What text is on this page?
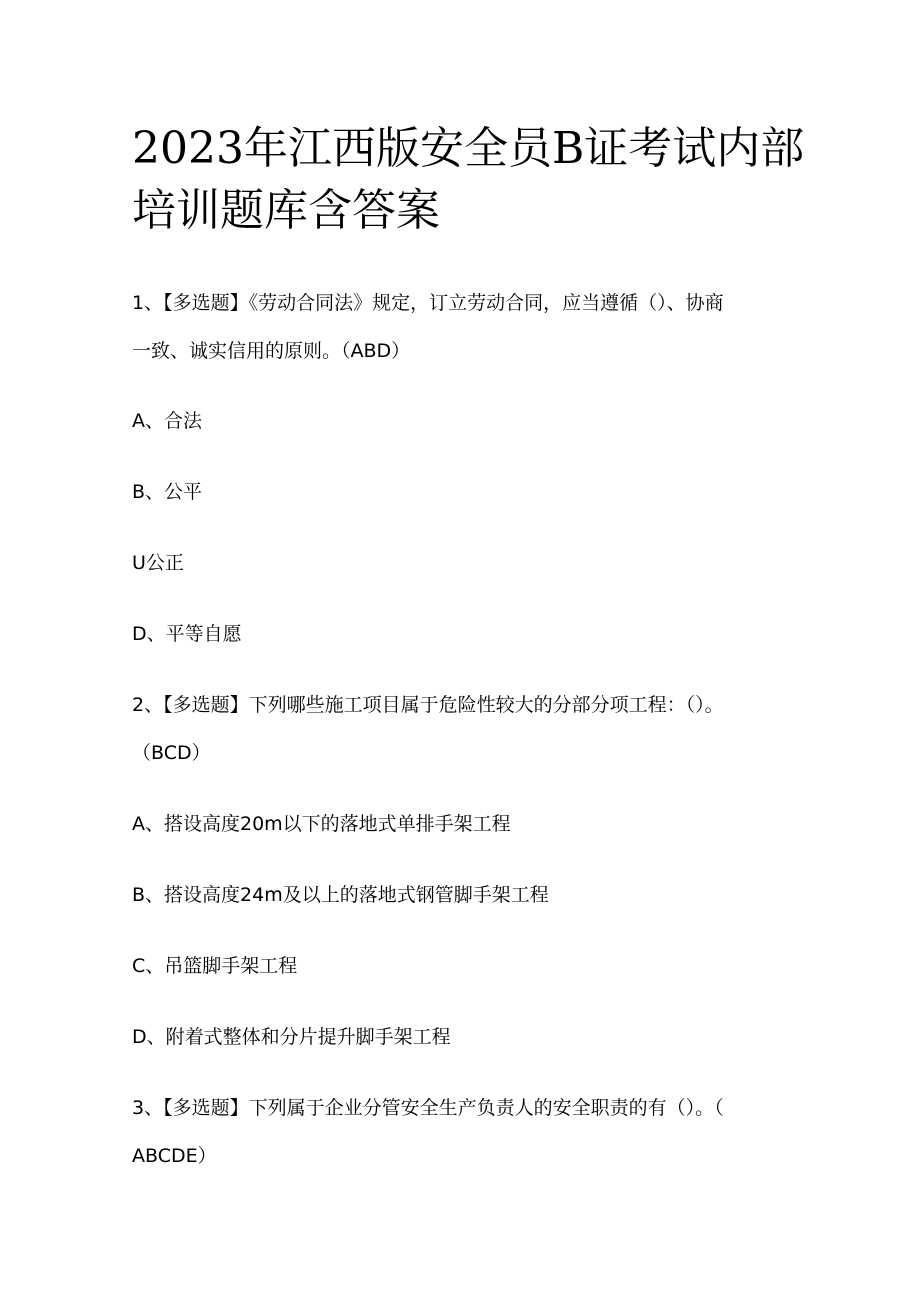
2023年江西版安全员B证考试内部
培训题库含答案
1、【多选题】《劳动合同法》规定，订立劳动合同，应当遵循（）、协商
一致、诚实信用的原则。（ABD）
A、合法
B、公平
U公正
D、平等自愿
2、【多选题】下列哪些施工项目属于危险性较大的分部分项工程：（）。
（BCD）
A、搭设高度20m以下的落地式单排手架工程
B、搭设高度24m及以上的落地式钢管脚手架工程
C、吊篮脚手架工程
D、附着式整体和分片提升脚手架工程
3、【多选题】下列属于企业分管安全生产负责人的安全职责的有（）。（
ABCDE）
